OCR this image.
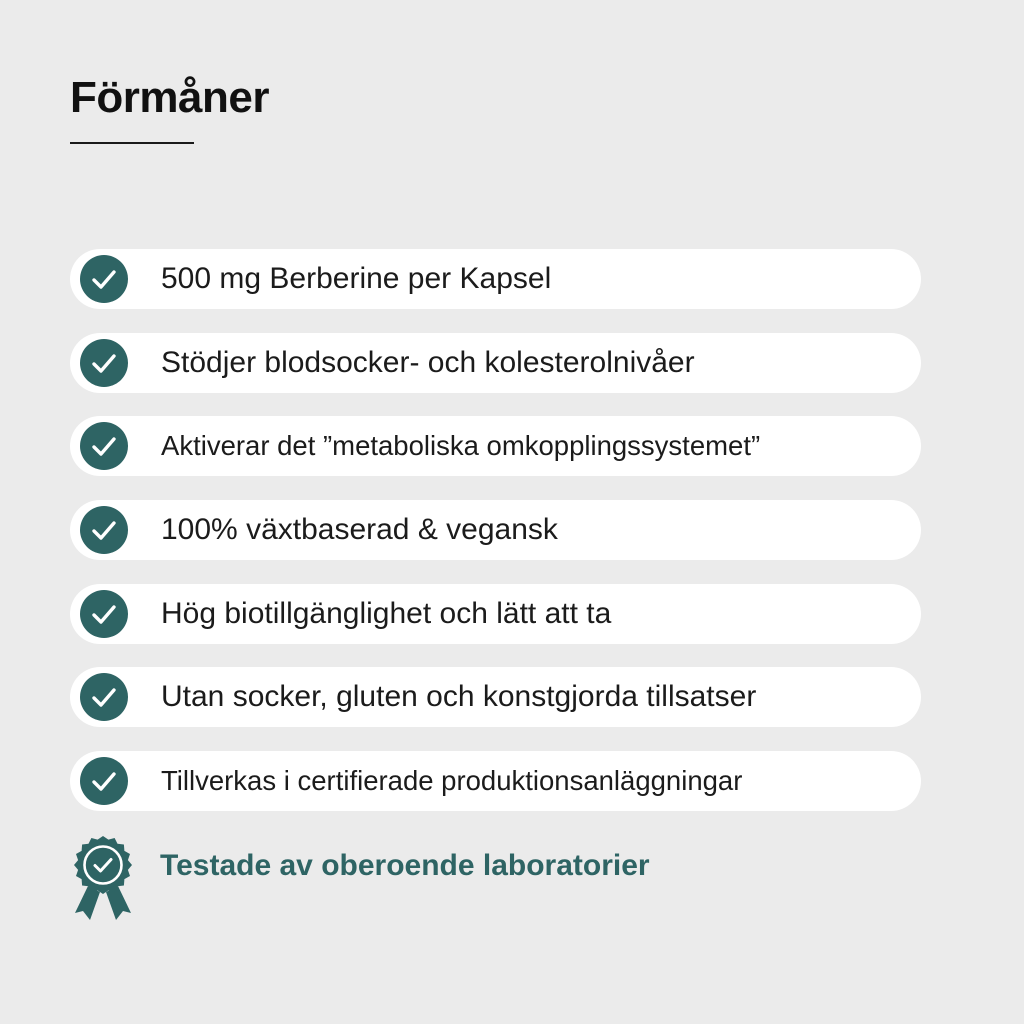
Förmåner
500 mg Berberine per Kapsel
Stödjer blodsocker- och kolesterolnivåer
Aktiverar det ”metaboliska omkopplingssystemet”
100% växtbaserad & vegansk
Hög biotillgänglighet och lätt att ta
Utan socker, gluten och konstgjorda tillsatser
Tillverkas i certifierade produktionsanläggningar
Testade av oberoende laboratorier
